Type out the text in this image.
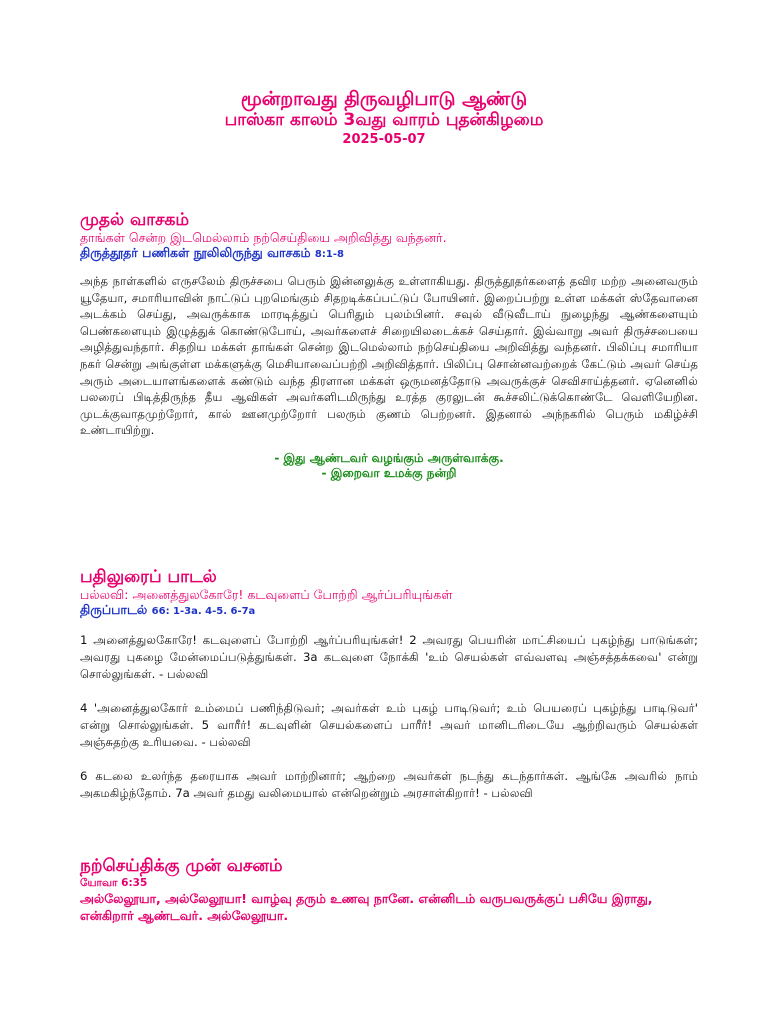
மூன்றாவது திருவழிபாடு ஆண்டு
பாஸ்கா காலம் 3வது வாரம் புதன்கிழமை
2025-05-07
முதல் வாசகம்
தாங்கள் சென்ற இடமெல்லாம் நற்செய்தியை அறிவித்து வந்தனர்.
திருத்தூதர் பணிகள் நூலிலிருந்து வாசகம் 8:1-8
அந்த நாள்களில் எருசலேம் திருச்சபை பெரும் இன்னலுக்கு உள்ளாகியது. திருத்தூதர்களைத் தவிர மற்ற அனைவரும் யூதேயா, சமாரியாவின் நாட்டுப் புறமெங்கும் சிதறடிக்கப்பட்டுப் போயினர். இறைப்பற்று உள்ள மக்கள் ஸ்தேவானை அடக்கம் செய்து, அவருக்காக மாரடித்துப் பெரிதும் புலம்பினர். சவுல் வீடுவீடாய் நுழைந்து ஆண்களையும் பெண்களையும் இழுத்துக் கொண்டுபோய், அவர்களைச் சிறையிலடைக்கச் செய்தார். இவ்வாறு அவர் திருச்சபையை அழித்துவந்தார். சிதறிய மக்கள் தாங்கள் சென்ற இடமெல்லாம் நற்செய்தியை அறிவித்து வந்தனர். பிலிப்பு சமாரியா நகர் சென்று அங்குள்ள மக்களுக்கு மெசியாவைப்பற்றி அறிவித்தார். பிலிப்பு சொன்னவற்றைக் கேட்டும் அவர் செய்த அரும் அடையாளங்களைக் கண்டும் வந்த திரளான மக்கள் ஒருமனத்தோடு அவருக்குச் செவிசாய்த்தனர். ஏனெனில் பலரைப் பிடித்திருந்த தீய ஆவிகள் அவர்களிடமிருந்து உரத்த குரலுடன் கூச்சலிட்டுக்கொண்டே வெளியேறின. முடக்குவாதமுற்றோர், கால் ஊனமுற்றோர் பலரும் குணம் பெற்றனர். இதனால் அந்நகரில் பெரும் மகிழ்ச்சி உண்டாயிற்று.
- இது ஆண்டவர் வழங்கும் அருள்வாக்கு.
- இறைவா உமக்கு நன்றி
பதிலுரைப் பாடல்
பல்லவி: அனைத்துலகோரே! கடவுளைப் போற்றி ஆர்ப்பரியுங்கள்
திருப்பாடல் 66: 1-3a. 4-5. 6-7a

1 அனைத்துலகோரே! கடவுளைப் போற்றி ஆர்ப்பரியுங்கள்! 2 அவரது பெயரின் மாட்சியைப் புகழ்ந்து பாடுங்கள்; அவரது புகழை மேன்மைப்படுத்துங்கள். 3a கடவுளை நோக்கி 'உம் செயல்கள் எவ்வளவு அஞ்சத்தக்கவை' என்று சொல்லுங்கள். - பல்லவி

4 'அனைத்துலகோர் உம்மைப் பணிந்திடுவர்; அவர்கள் உம் புகழ் பாடிடுவர்; உம் பெயரைப் புகழ்ந்து பாடிடுவர்' என்று சொல்லுங்கள். 5 வாரீர்! கடவுளின் செயல்களைப் பாரீர்! அவர் மானிடரிடையே ஆற்றிவரும் செயல்கள் அஞ்சுதற்கு உரியவை. - பல்லவி

6 கடலை உலர்ந்த தரையாக அவர் மாற்றினார்; ஆற்றை அவர்கள் நடந்து கடந்தார்கள். ஆங்கே அவரில் நாம் அகமகிழ்ந்தோம். 7a அவர் தமது வலிமையால் என்றென்றும் அரசாள்கிறார்! - பல்லவி

நற்செய்திக்கு முன் வசனம்
யோவா 6:35
அல்லேலூயா, அல்லேலூயா! வாழ்வு தரும் உணவு நானே. என்னிடம் வருபவருக்குப் பசியே இராது, என்கிறார் ஆண்டவர். அல்லேலூயா.
